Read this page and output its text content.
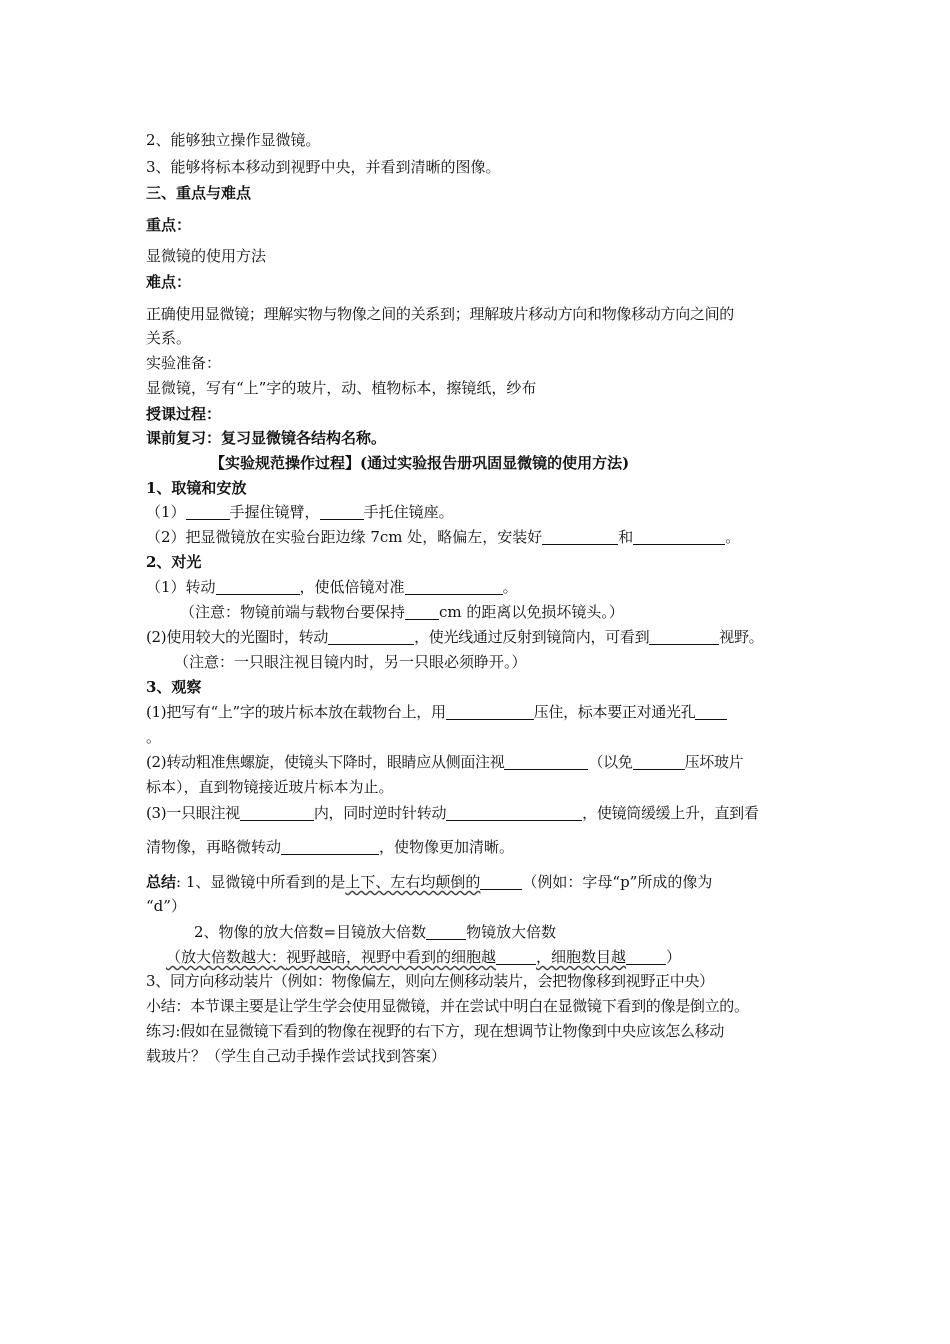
2、能够独立操作显微镜。
3、能够将标本移动到视野中央，并看到清晰的图像。
三、重点与难点
重点：
显微镜的使用方法
难点：
正确使用显微镜；理解实物与物像之间的关系到；理解玻片移动方向和物像移动方向之间的
关系。
实验准备：
显微镜，写有“上”字的玻片，动、植物标本，擦镜纸，纱布
授课过程：
课前复习：复习显微镜各结构名称。
【实验规范操作过程】(通过实验报告册巩固显微镜的使用方法)
1、取镜和安放
（1）	手握住镜臂，	手托住镜座。
（2）把显微镜放在实验台距边缘 7cm 处，略偏左，安装好	和	。
2、对光
（1）转动	，使低倍镜对准	。
（注意：物镜前端与载物台要保持 cm 的距离以免损坏镜头。）
(2)使用较大的光圈时，转动	，使光线通过反射到镜筒内，可看到	视野。
（注意：一只眼注视目镜内时，另一只眼必须睁开。）
3、观察
(1)把写有“上”字的玻片标本放在载物台上，用	压住，标本要正对通光孔
。
(2)转动粗准焦螺旋，使镜头下降时，眼睛应从侧面注视	（以免	压坏玻片
标本），直到物镜接近玻片标本为止。
(3)一只眼注视	内，同时逆时针转动	，使镜筒缓缓上升，直到看
清物像，再略微转动	，使物像更加清晰。
总结: 1、显微镜中所看到的是上下、左右均颠倒的	（例如：字母“p”所成的像为
“d”）
2、物像的放大倍数=目镜放大倍数	物镜放大倍数
（放大倍数越大：视野越暗，视野中看到的细胞越	，细胞数目越	）
3、同方向移动装片（例如：物像偏左，则向左侧移动装片，会把物像移到视野正中央）
小结：本节课主要是让学生学会使用显微镜，并在尝试中明白在显微镜下看到的像是倒立的。
练习:假如在显微镜下看到的物像在视野的右下方，现在想调节让物像到中央应该怎么移动
载玻片？（学生自己动手操作尝试找到答案）
